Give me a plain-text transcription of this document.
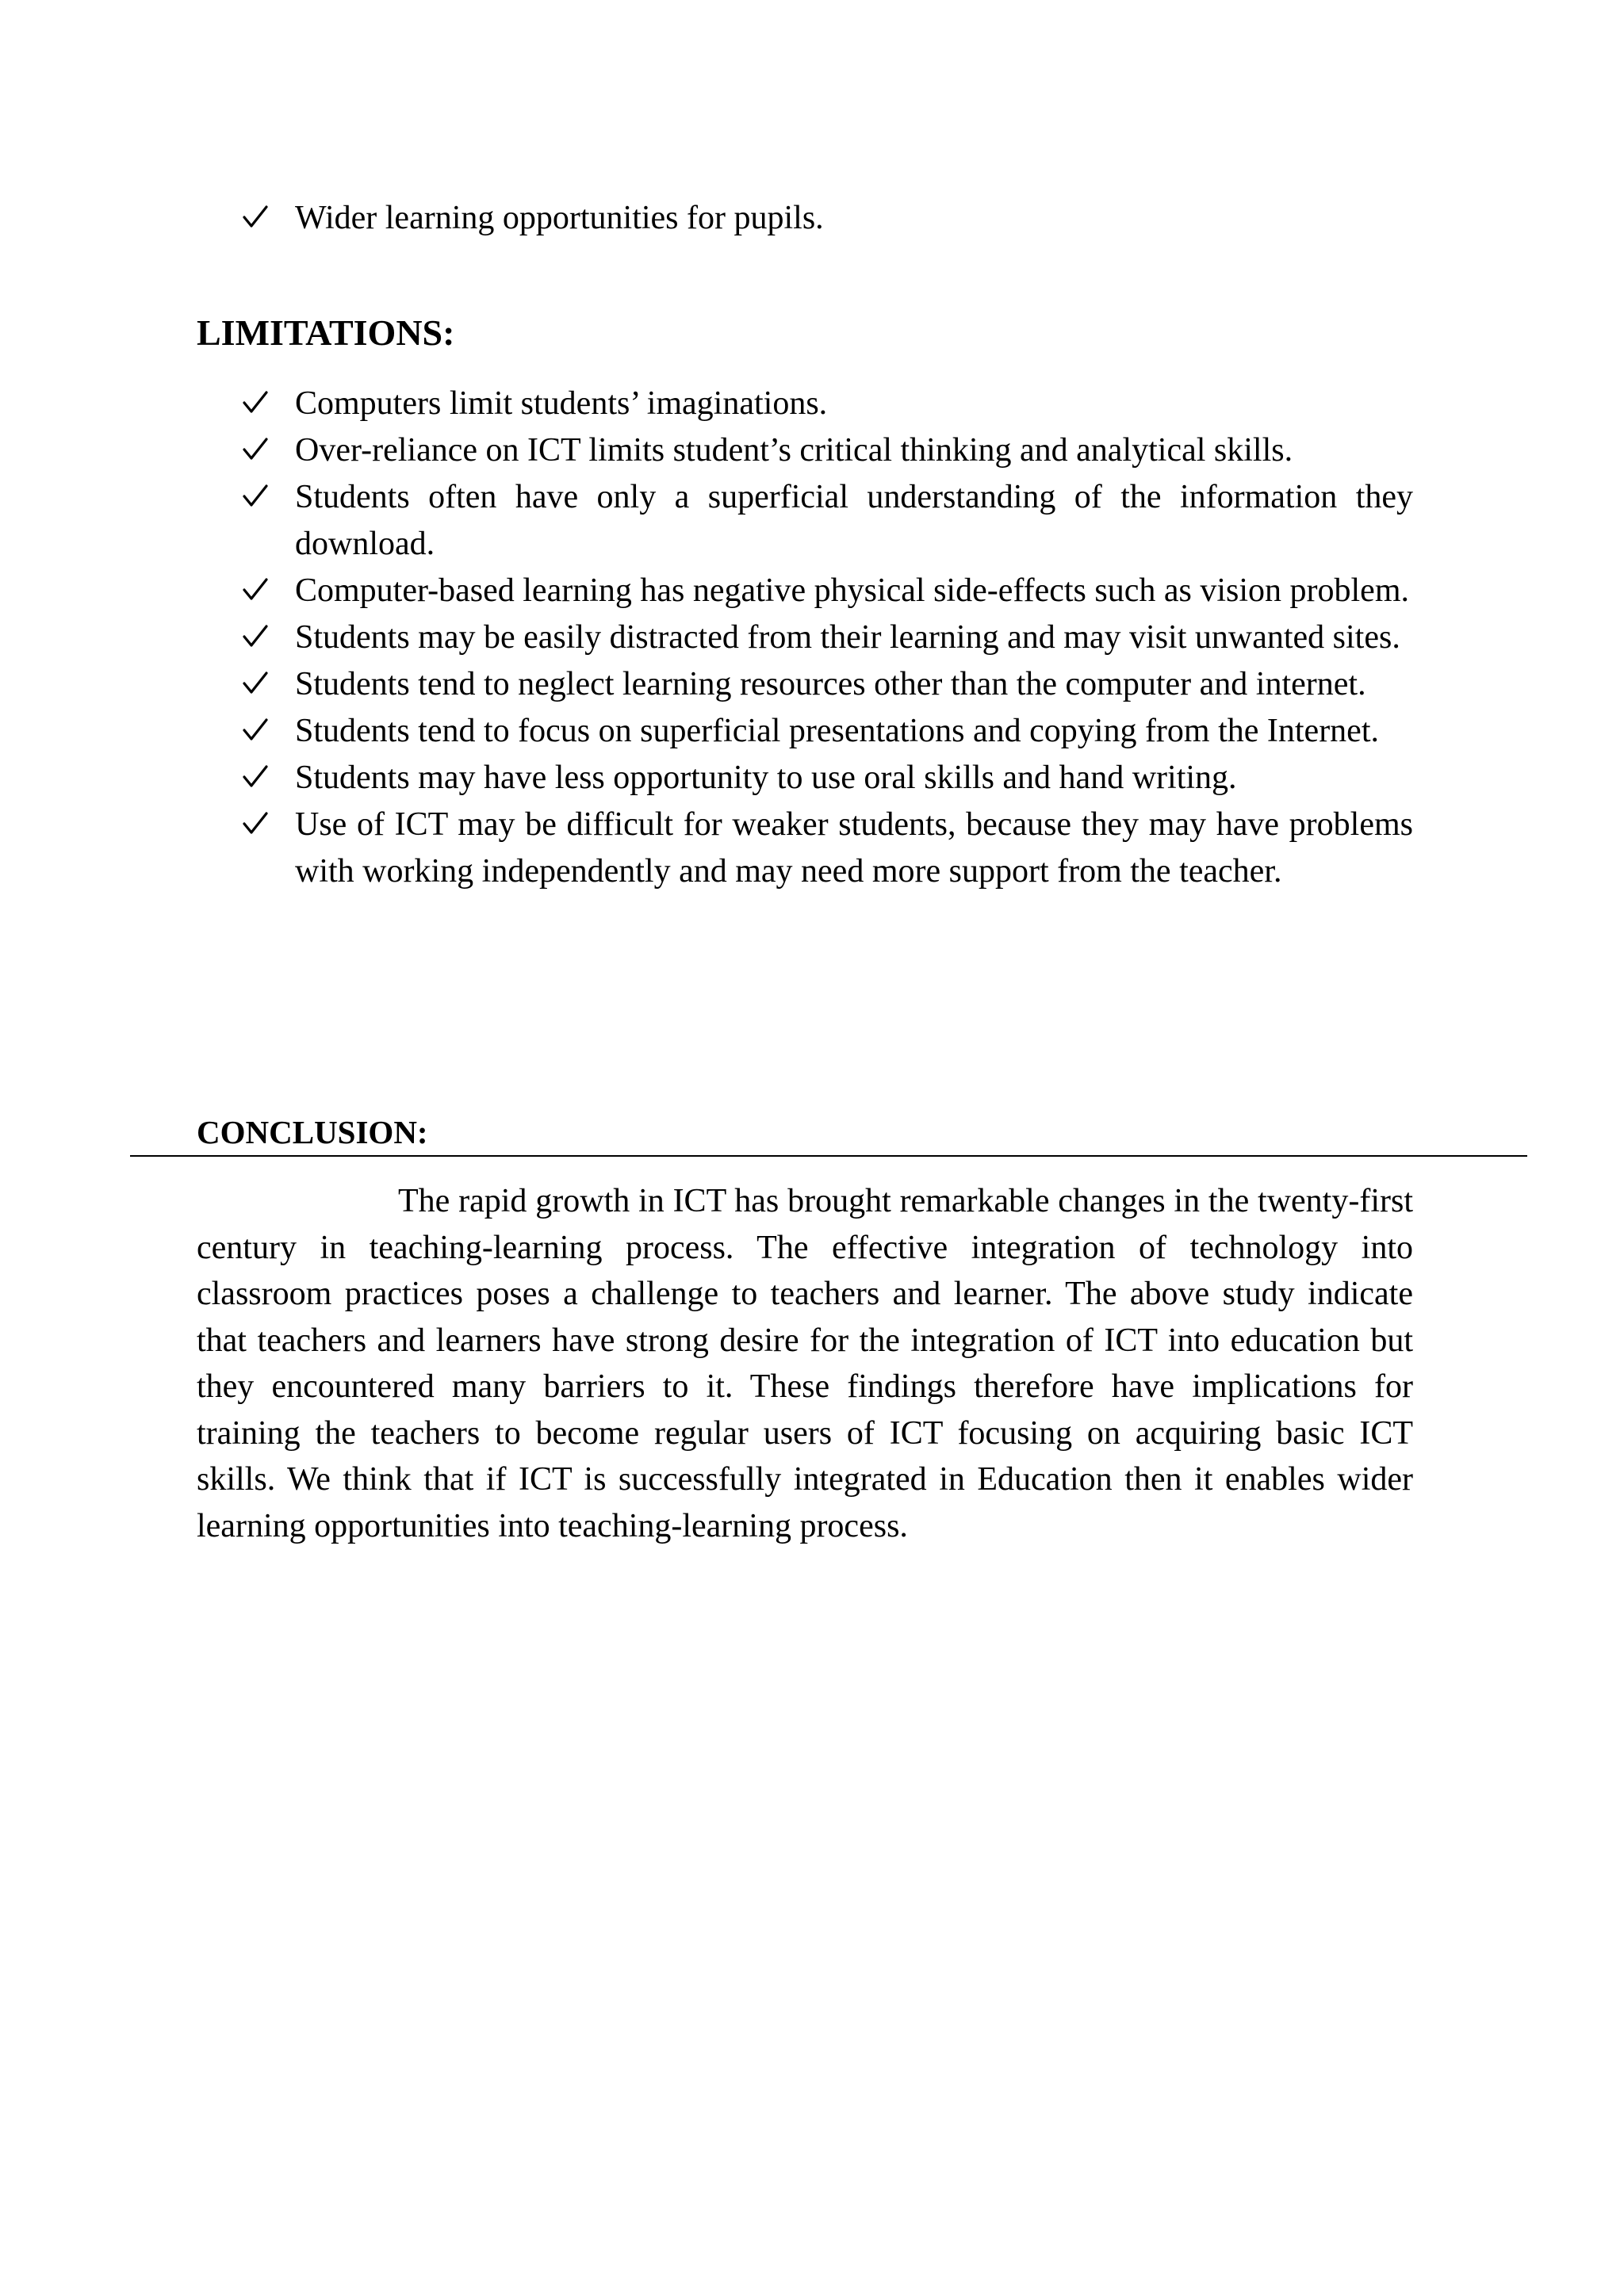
Wider learning opportunities for pupils.
LIMITATIONS:
Computers limit students’ imaginations.
Over-reliance on ICT limits student’s critical thinking and analytical skills.
Students often have only a superficial understanding of the information they download.
Computer-based learning has negative physical side-effects such as vision problem.
Students may be easily distracted from their learning and may visit unwanted sites.
Students tend to neglect learning resources other than the computer and internet.
Students tend to focus on superficial presentations and copying from the Internet.
Students may have less opportunity to use oral skills and hand writing.
Use of ICT may be difficult for weaker students, because they may have problems with working independently and may need more support from the teacher.
CONCLUSION:

The rapid growth in ICT has brought remarkable changes in the twenty-first century in teaching-learning process. The effective integration of technology into classroom practices poses a challenge to teachers and learner. The above study indicate that teachers and learners have strong desire for the integration of ICT into education but they encountered many barriers to it. These findings therefore have implications for training the teachers to become regular users of ICT focusing on acquiring basic ICT skills. We think that if ICT is successfully integrated in Education then it enables wider learning opportunities into teaching-learning process.
